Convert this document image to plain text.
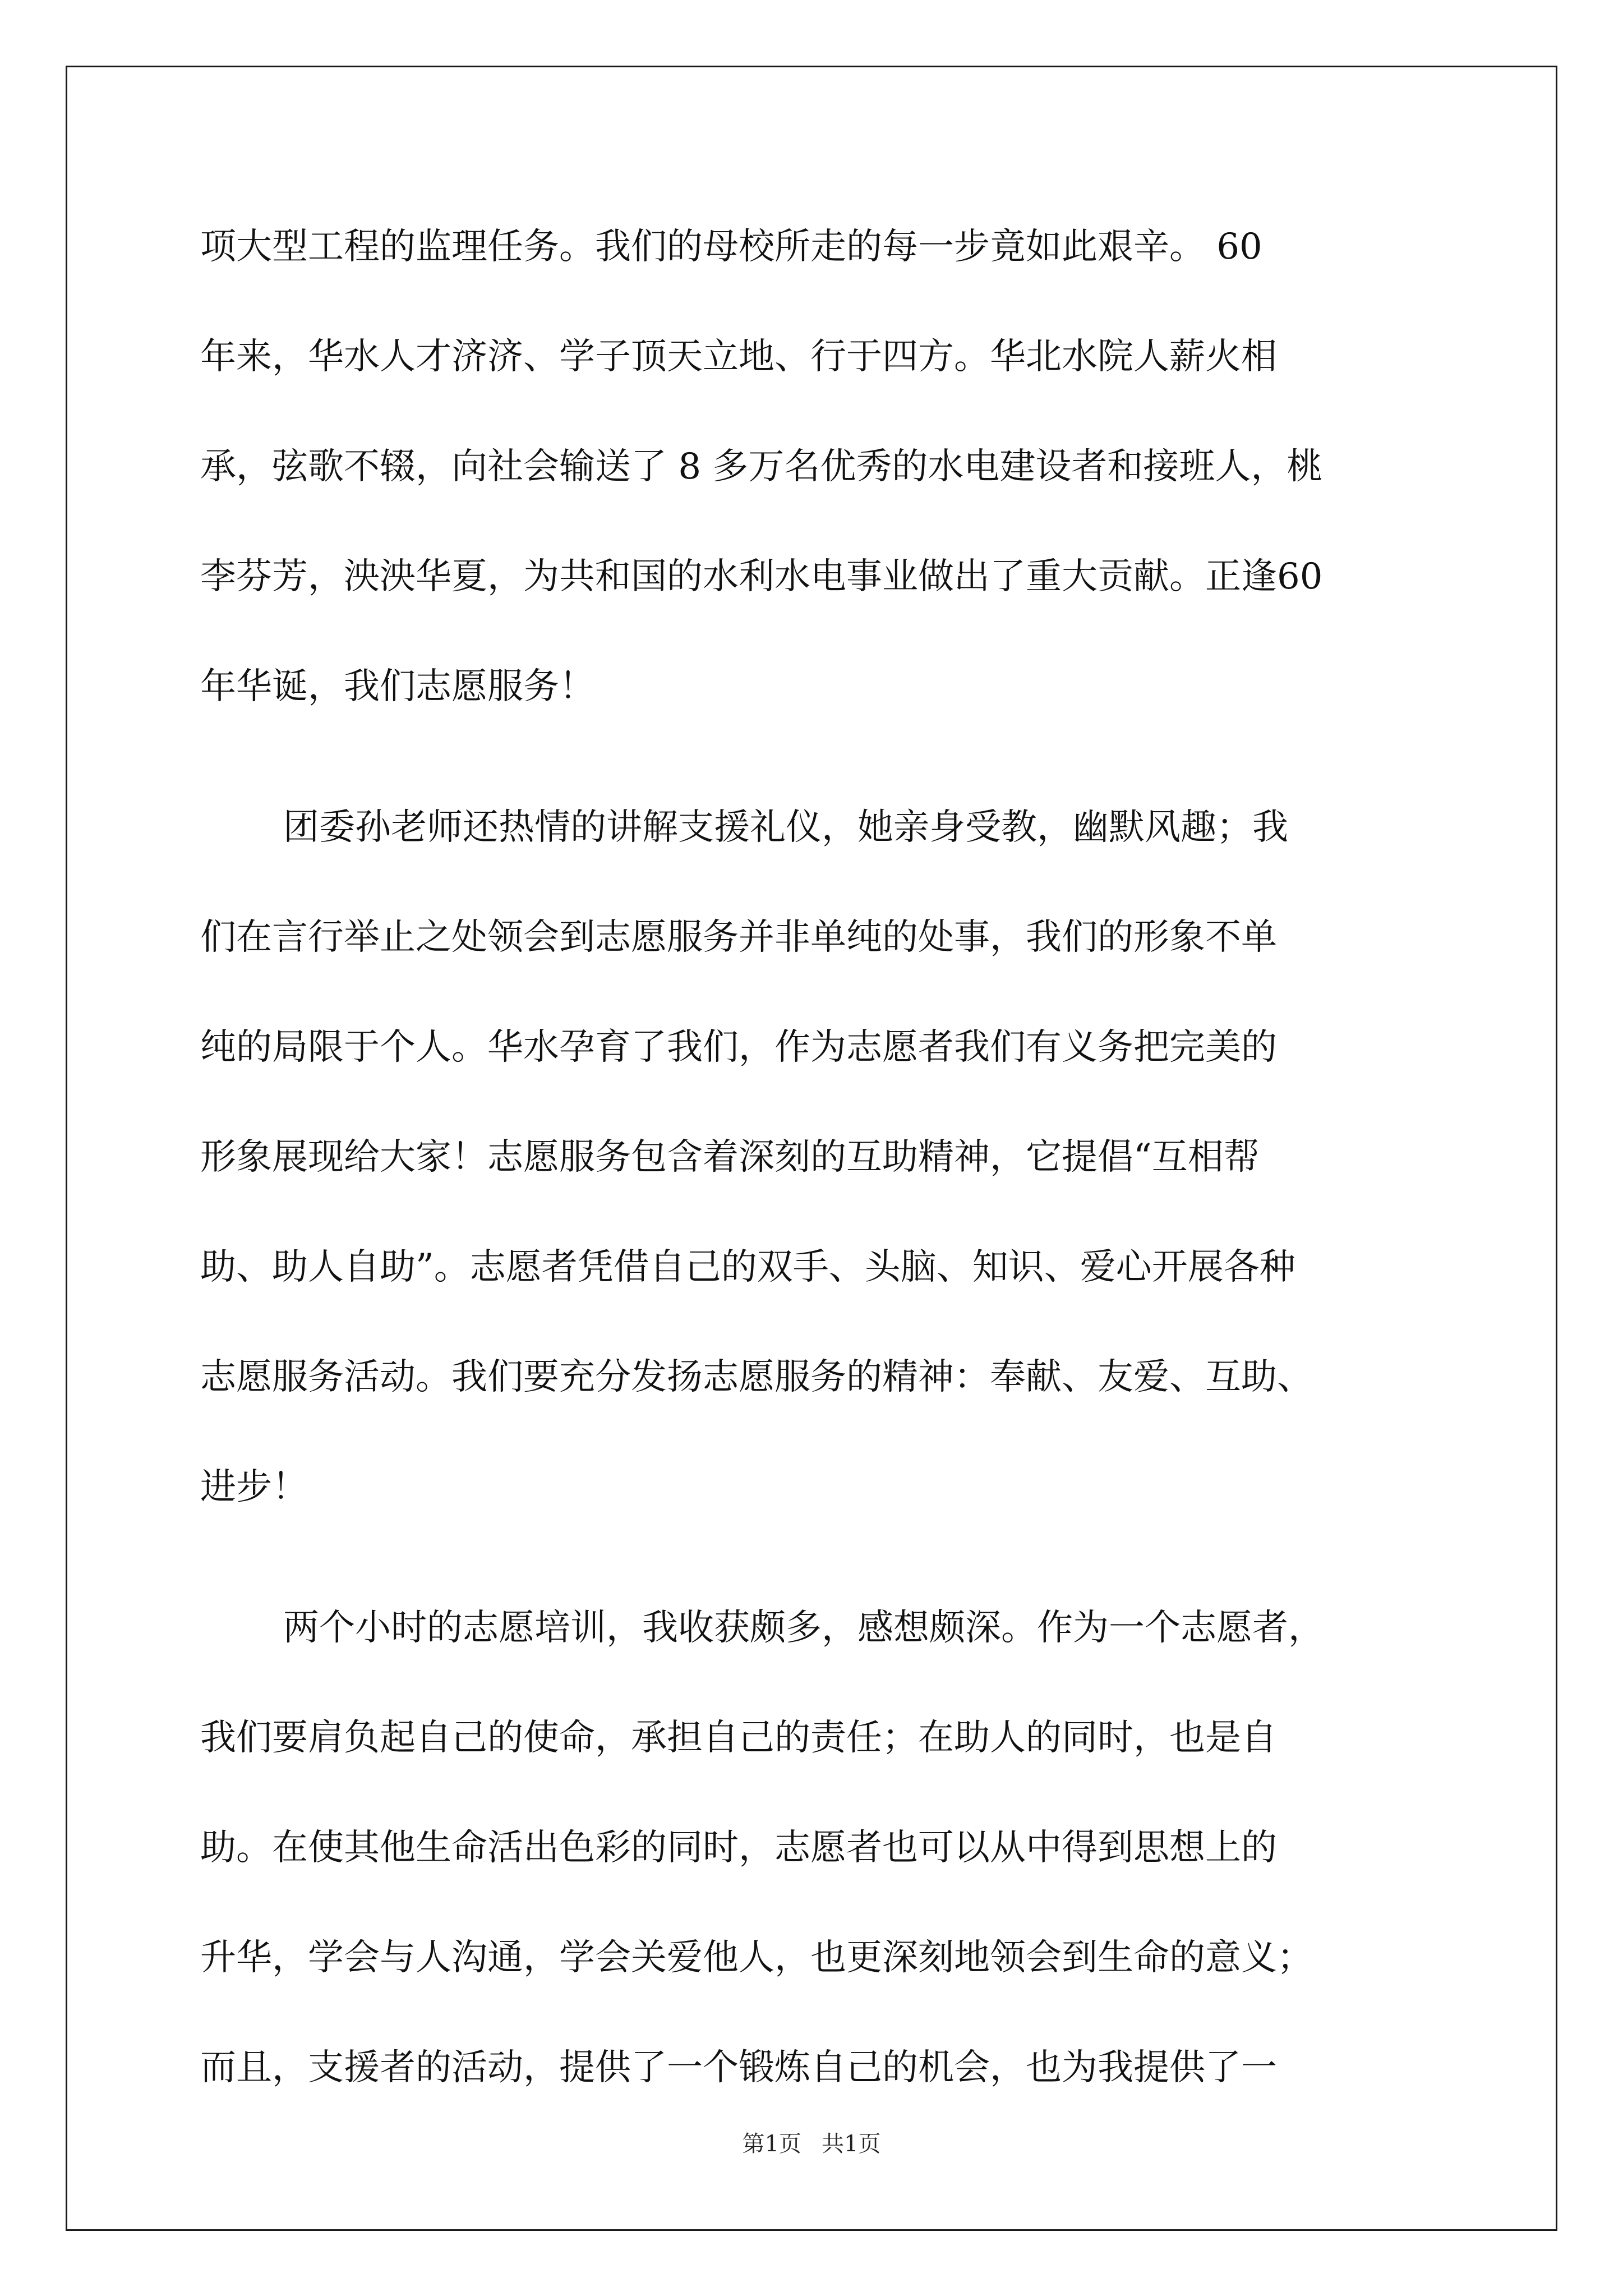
项大型工程的监理任务。我们的母校所走的每一步竟如此艰辛。 60
年来，华水人才济济、学子顶天立地、行于四方。华北水院人薪火相
承，弦歌不辍，向社会输送了 8 多万名优秀的水电建设者和接班人，桃
李芬芳，泱泱华夏，为共和国的水利水电事业做出了重大贡献。正逢60
年华诞，我们志愿服务！
团委孙老师还热情的讲解支援礼仪，她亲身受教，幽默风趣；我
们在言行举止之处领会到志愿服务并非单纯的处事，我们的形象不单
纯的局限于个人。华水孕育了我们，作为志愿者我们有义务把完美的
形象展现给大家！志愿服务包含着深刻的互助精神，它提倡“互相帮
助、助人自助”。志愿者凭借自己的双手、头脑、知识、爱心开展各种
志愿服务活动。我们要充分发扬志愿服务的精神：奉献、友爱、互助、
进步！
两个小时的志愿培训，我收获颇多，感想颇深。作为一个志愿者，
我们要肩负起自己的使命，承担自己的责任；在助人的同时，也是自
助。在使其他生命活出色彩的同时，志愿者也可以从中得到思想上的
升华，学会与人沟通，学会关爱他人，也更深刻地领会到生命的意义；
而且，支援者的活动，提供了一个锻炼自己的机会，也为我提供了一
第1页 共1页
